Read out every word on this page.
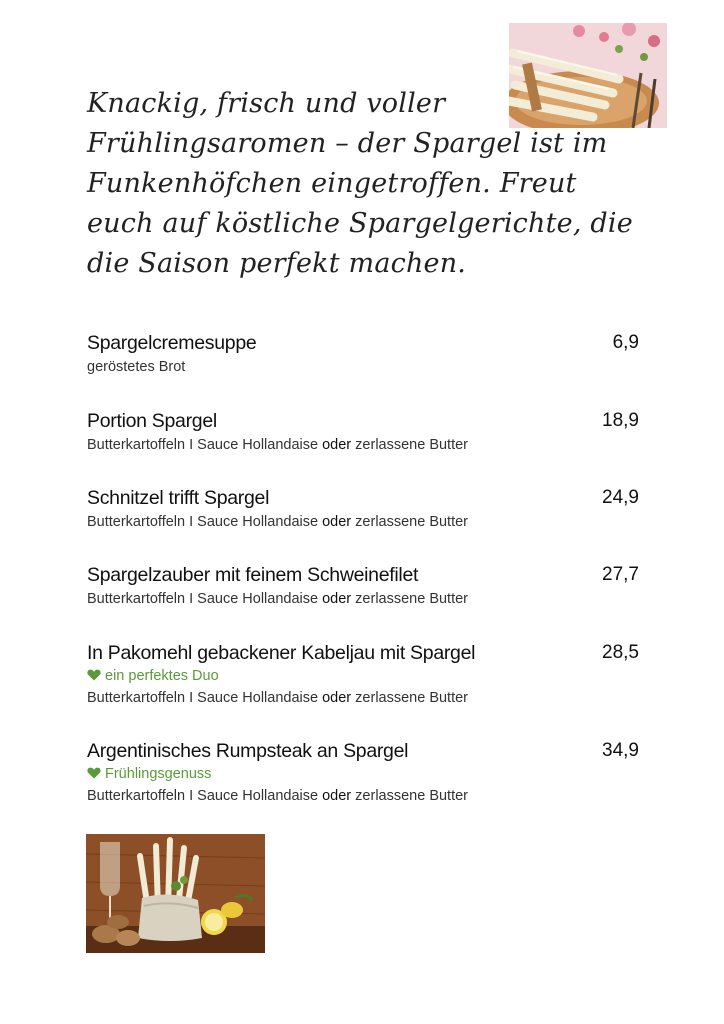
Knackig, frisch und voller Frühlingsaromen – der Spargel ist im Funkenhöfchen eingetroffen. Freut euch auf köstliche Spargelgerichte, die die Saison perfekt machen.

Spargelcremesuppe	6,9
geröstetes Brot
Portion Spargel	18,9
Butterkartoffeln I Sauce Hollandaise oder zerlassene Butter
Schnitzel trifft Spargel	24,9
Butterkartoffeln I Sauce Hollandaise oder zerlassene Butter
Spargelzauber mit feinem Schweinefilet	27,7
Butterkartoffeln I Sauce Hollandaise oder zerlassene Butter
In Pakomehl gebackener Kabeljau mit Spargel	28,5
ein perfektes Duo
Butterkartoffeln I Sauce Hollandaise oder zerlassene Butter
Argentinisches Rumpsteak an Spargel	34,9
Frühlingsgenuss
Butterkartoffeln I Sauce Hollandaise oder zerlassene Butter
